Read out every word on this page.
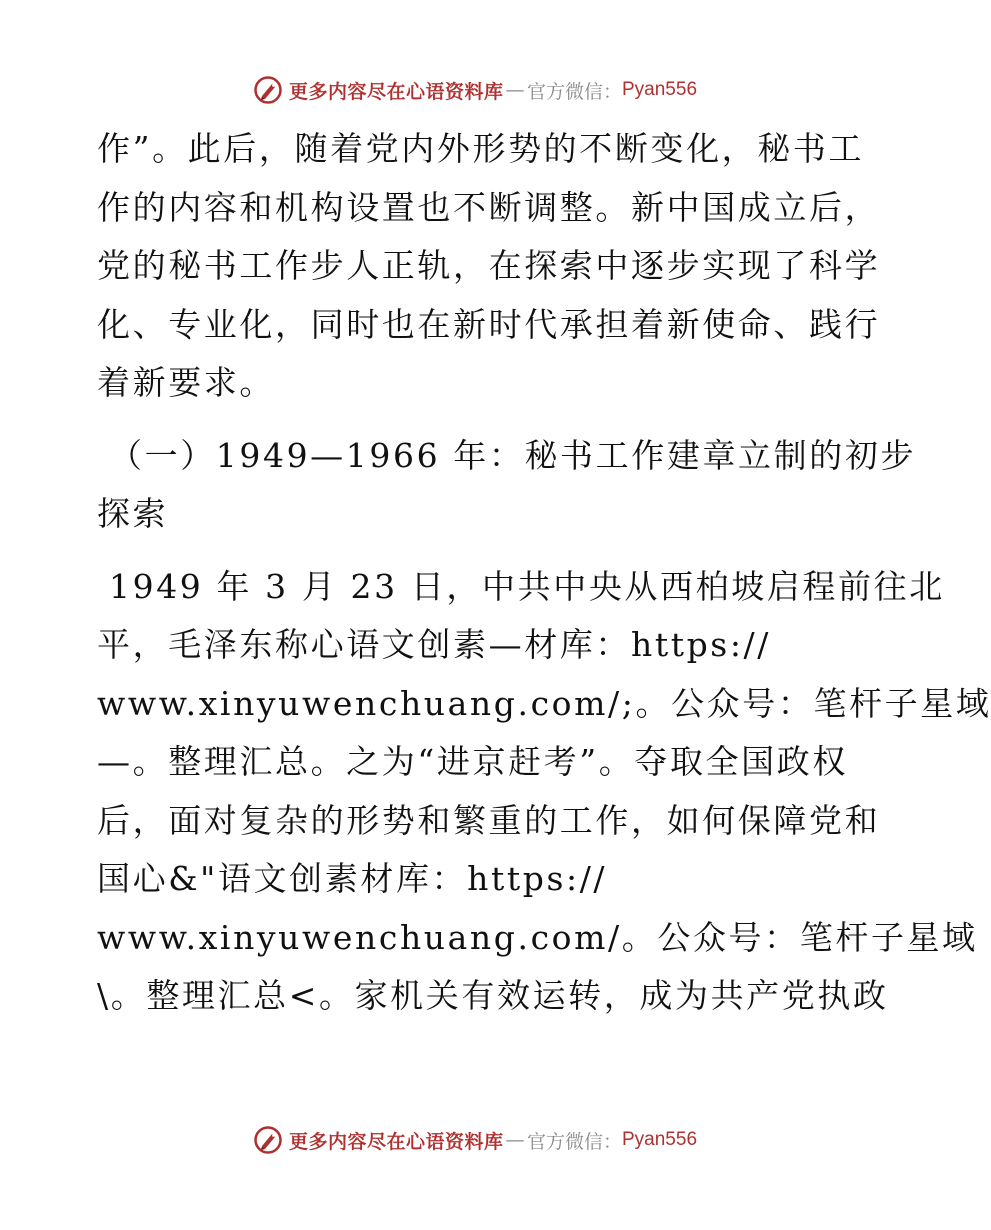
更多内容尽在心语资料库 — 官方微信： Pyan556
作”。此后，随着党内外形势的不断变化，秘书工
作的内容和机构设置也不断调整。新中国成立后，
党的秘书工作步人正轨，在探索中逐步实现了科学
化、专业化，同时也在新时代承担着新使命、践行
着新要求。
（一）1949—1966 年：秘书工作建章立制的初步
探索
1949 年 3 月 23 日，中共中央从西柏坡启程前往北
平，毛泽东称心语文创素—材库：https://
www.xinyuwenchuang.com/;。公众号：笔杆子星域
—。整理汇总。之为“进京赶考”。夺取全国政权
后，面对复杂的形势和繁重的工作，如何保障党和
国心&"语文创素材库：https://
www.xinyuwenchuang.com/。公众号：笔杆子星域
\。整理汇总<。家机关有效运转，成为共产党执政
更多内容尽在心语资料库 — 官方微信： Pyan556
